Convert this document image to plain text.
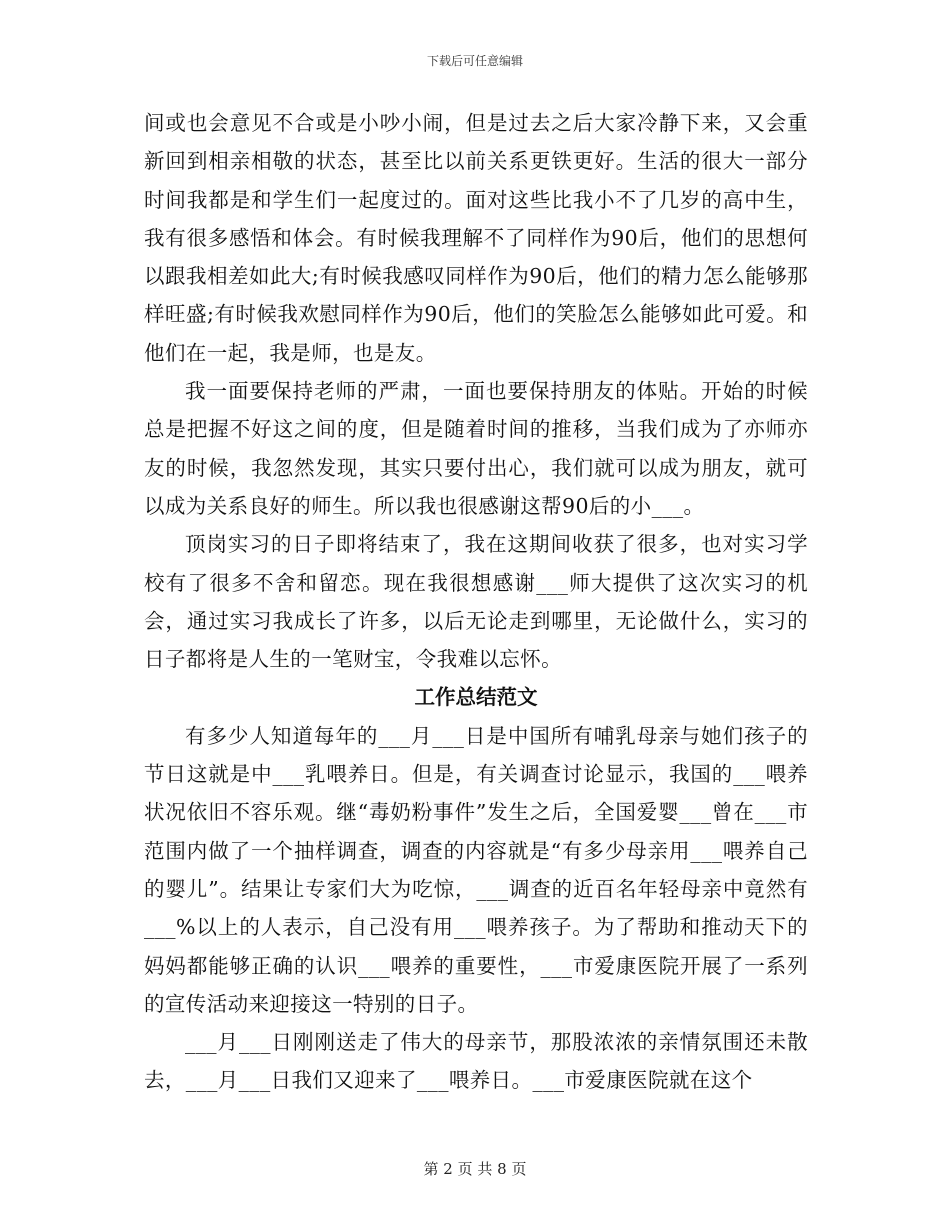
下载后可任意编辑

间或也会意见不合或是小吵小闹，但是过去之后大家冷静下来，又会重新回到相亲相敬的状态，甚至比以前关系更铁更好。生活的很大一部分时间我都是和学生们一起度过的。面对这些比我小不了几岁的高中生，我有很多感悟和体会。有时候我理解不了同样作为90后，他们的思想何以跟我相差如此大;有时候我感叹同样作为90后，他们的精力怎么能够那样旺盛;有时候我欢慰同样作为90后，他们的笑脸怎么能够如此可爱。和他们在一起，我是师，也是友。

我一面要保持老师的严肃，一面也要保持朋友的体贴。开始的时候总是把握不好这之间的度，但是随着时间的推移，当我们成为了亦师亦友的时候，我忽然发现，其实只要付出心，我们就可以成为朋友，就可以成为关系良好的师生。所以我也很感谢这帮90后的小___。

顶岗实习的日子即将结束了，我在这期间收获了很多，也对实习学校有了很多不舍和留恋。现在我很想感谢___师大提供了这次实习的机会，通过实习我成长了许多，以后无论走到哪里，无论做什么，实习的日子都将是人生的一笔财宝，令我难以忘怀。

工作总结范文

有多少人知道每年的___月___日是中国所有哺乳母亲与她们孩子的节日这就是中___乳喂养日。但是，有关调查讨论显示，我国的___喂养状况依旧不容乐观。继“毒奶粉事件”发生之后，全国爱婴___曾在___市范围内做了一个抽样调查，调查的内容就是“有多少母亲用___喂养自己的婴儿”。结果让专家们大为吃惊，___调查的近百名年轻母亲中竟然有___%以上的人表示，自己没有用___喂养孩子。为了帮助和推动天下的妈妈都能够正确的认识___喂养的重要性，___市爱康医院开展了一系列的宣传活动来迎接这一特别的日子。

___月___日刚刚送走了伟大的母亲节，那股浓浓的亲情氛围还未散去，___月___日我们又迎来了___喂养日。___市爱康医院就在这个

第 2 页 共 8 页
